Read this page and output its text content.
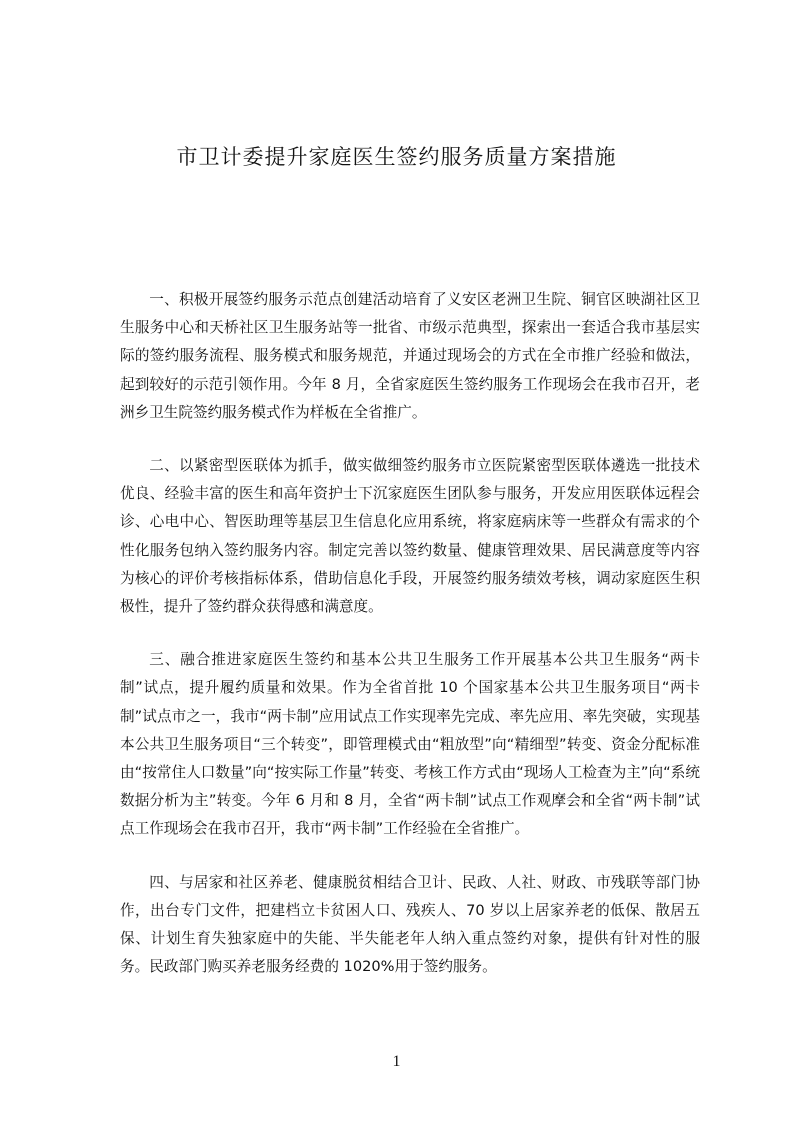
市卫计委提升家庭医生签约服务质量方案措施

一、积极开展签约服务示范点创建活动培育了义安区老洲卫生院、铜官区映湖社区卫生服务中心和天桥社区卫生服务站等一批省、市级示范典型，探索出一套适合我市基层实际的签约服务流程、服务模式和服务规范，并通过现场会的方式在全市推广经验和做法，起到较好的示范引领作用。今年 8 月，全省家庭医生签约服务工作现场会在我市召开，老洲乡卫生院签约服务模式作为样板在全省推广。

二、以紧密型医联体为抓手，做实做细签约服务市立医院紧密型医联体遴选一批技术优良、经验丰富的医生和高年资护士下沉家庭医生团队参与服务，开发应用医联体远程会诊、心电中心、智医助理等基层卫生信息化应用系统，将家庭病床等一些群众有需求的个性化服务包纳入签约服务内容。制定完善以签约数量、健康管理效果、居民满意度等内容为核心的评价考核指标体系，借助信息化手段，开展签约服务绩效考核，调动家庭医生积极性，提升了签约群众获得感和满意度。

三、融合推进家庭医生签约和基本公共卫生服务工作开展基本公共卫生服务“两卡制”试点，提升履约质量和效果。作为全省首批 10 个国家基本公共卫生服务项目“两卡制”试点市之一，我市“两卡制”应用试点工作实现率先完成、率先应用、率先突破，实现基本公共卫生服务项目“三个转变”，即管理模式由“粗放型”向“精细型”转变、资金分配标准由“按常住人口数量”向“按实际工作量”转变、考核工作方式由“现场人工检查为主”向“系统数据分析为主”转变。今年 6 月和 8 月，全省“两卡制”试点工作观摩会和全省“两卡制”试点工作现场会在我市召开，我市“两卡制”工作经验在全省推广。

四、与居家和社区养老、健康脱贫相结合卫计、民政、人社、财政、市残联等部门协作，出台专门文件，把建档立卡贫困人口、残疾人、70 岁以上居家养老的低保、散居五保、计划生育失独家庭中的失能、半失能老年人纳入重点签约对象，提供有针对性的服务。民政部门购买养老服务经费的 1020%用于签约服务。

1
